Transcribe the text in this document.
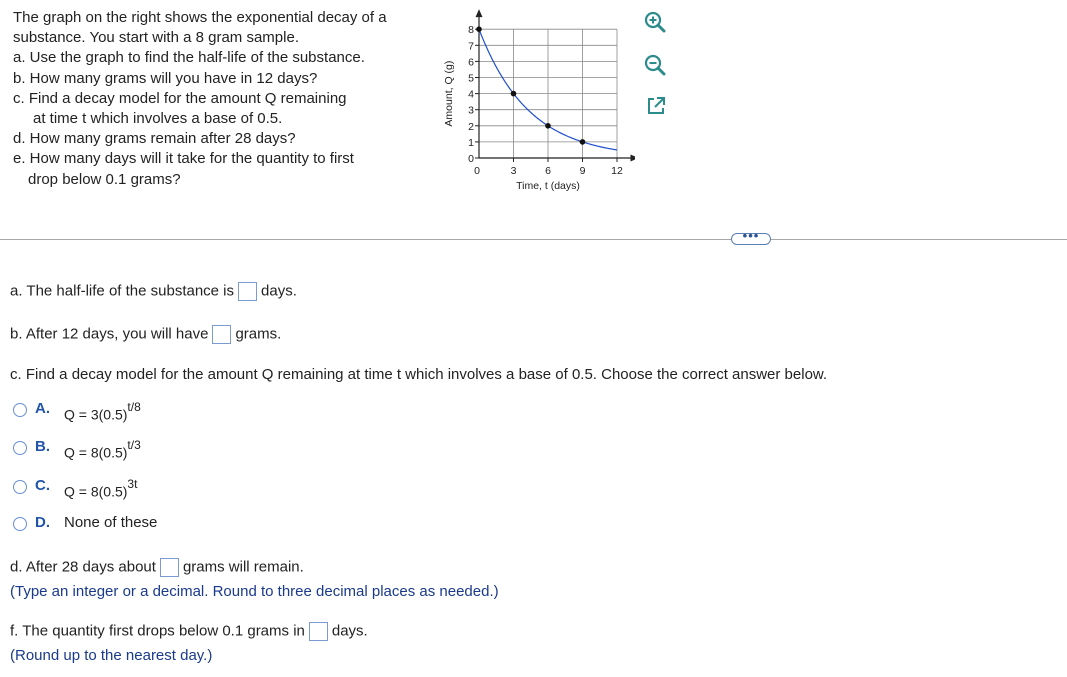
The graph on the right shows the exponential decay of a
substance. You start with a 8 gram sample.
a. Use the graph to find the half-life of the substance.
b. How many grams will you have in 12 days?
c. Find a decay model for the amount Q remaining
at time t which involves a base of 0.5.
d. How many grams remain after 28 days?
e. How many days will it take for the quantity to first
drop below 0.1 grams?
0
1
2
3
4
5
6
7
8
0	3	6	9 12
Time, t (days)
Amount, Q (g)
•••
a. The half-life of the substance is days.
b. After 12 days, you will have grams.
c. Find a decay model for the amount Q remaining at time t which involves a base of 0.5. Choose the correct answer below.
A. $Q = 3(0.5)^{t/8}$
B. $Q = 8(0.5)^{t/3}$
C. $Q = 8(0.5)^{3t}$
D. None of these
d. After 28 days about grams will remain.
(Type an integer or a decimal. Round to three decimal places as needed.)
f. The quantity first drops below 0.1 grams in days.
(Round up to the nearest day.)
